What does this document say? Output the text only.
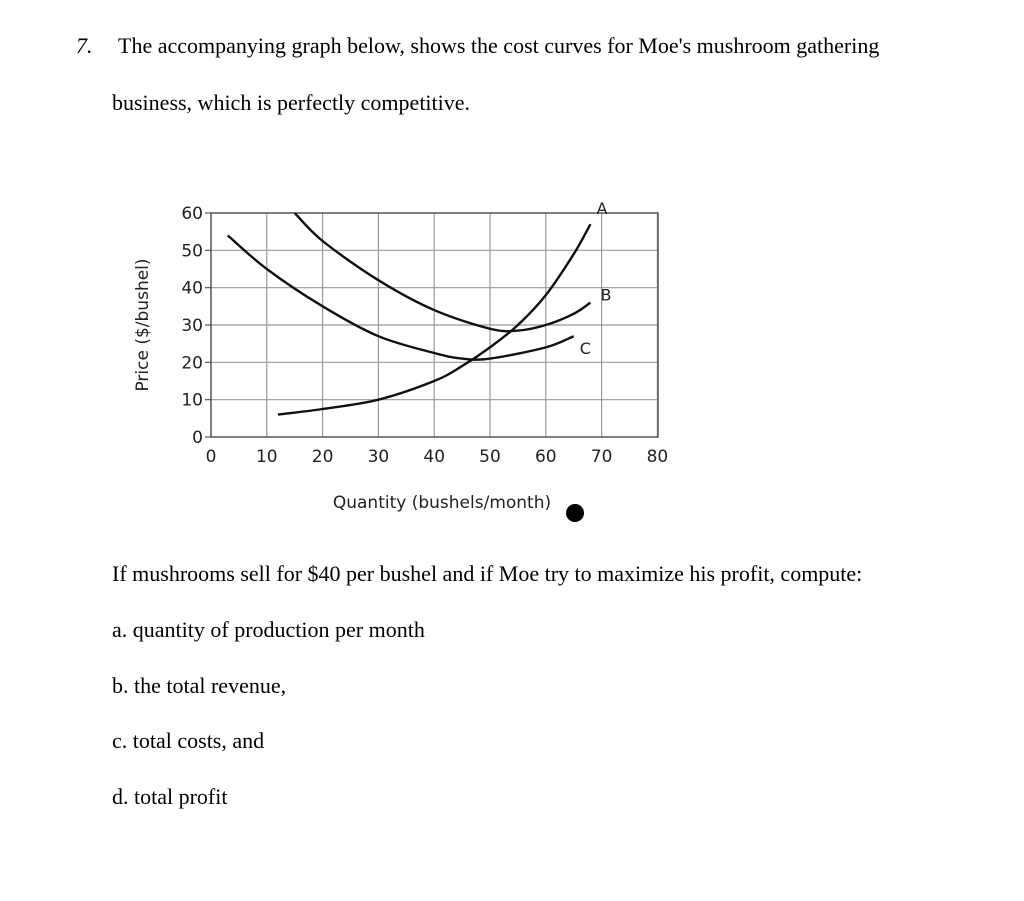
7. The accompanying graph below, shows the cost curves for Moe's mushroom gathering
business, which is perfectly competitive.
0 10 20 30 40 50 60 70 80
0
10
20
30
40
50
60	A
B
C
Price ($/bushel)
Quantity (bushels/month)
If mushrooms sell for $40 per bushel and if Moe try to maximize his profit, compute:
a. quantity of production per month
b. the total revenue,
c. total costs, and
d. total profit
